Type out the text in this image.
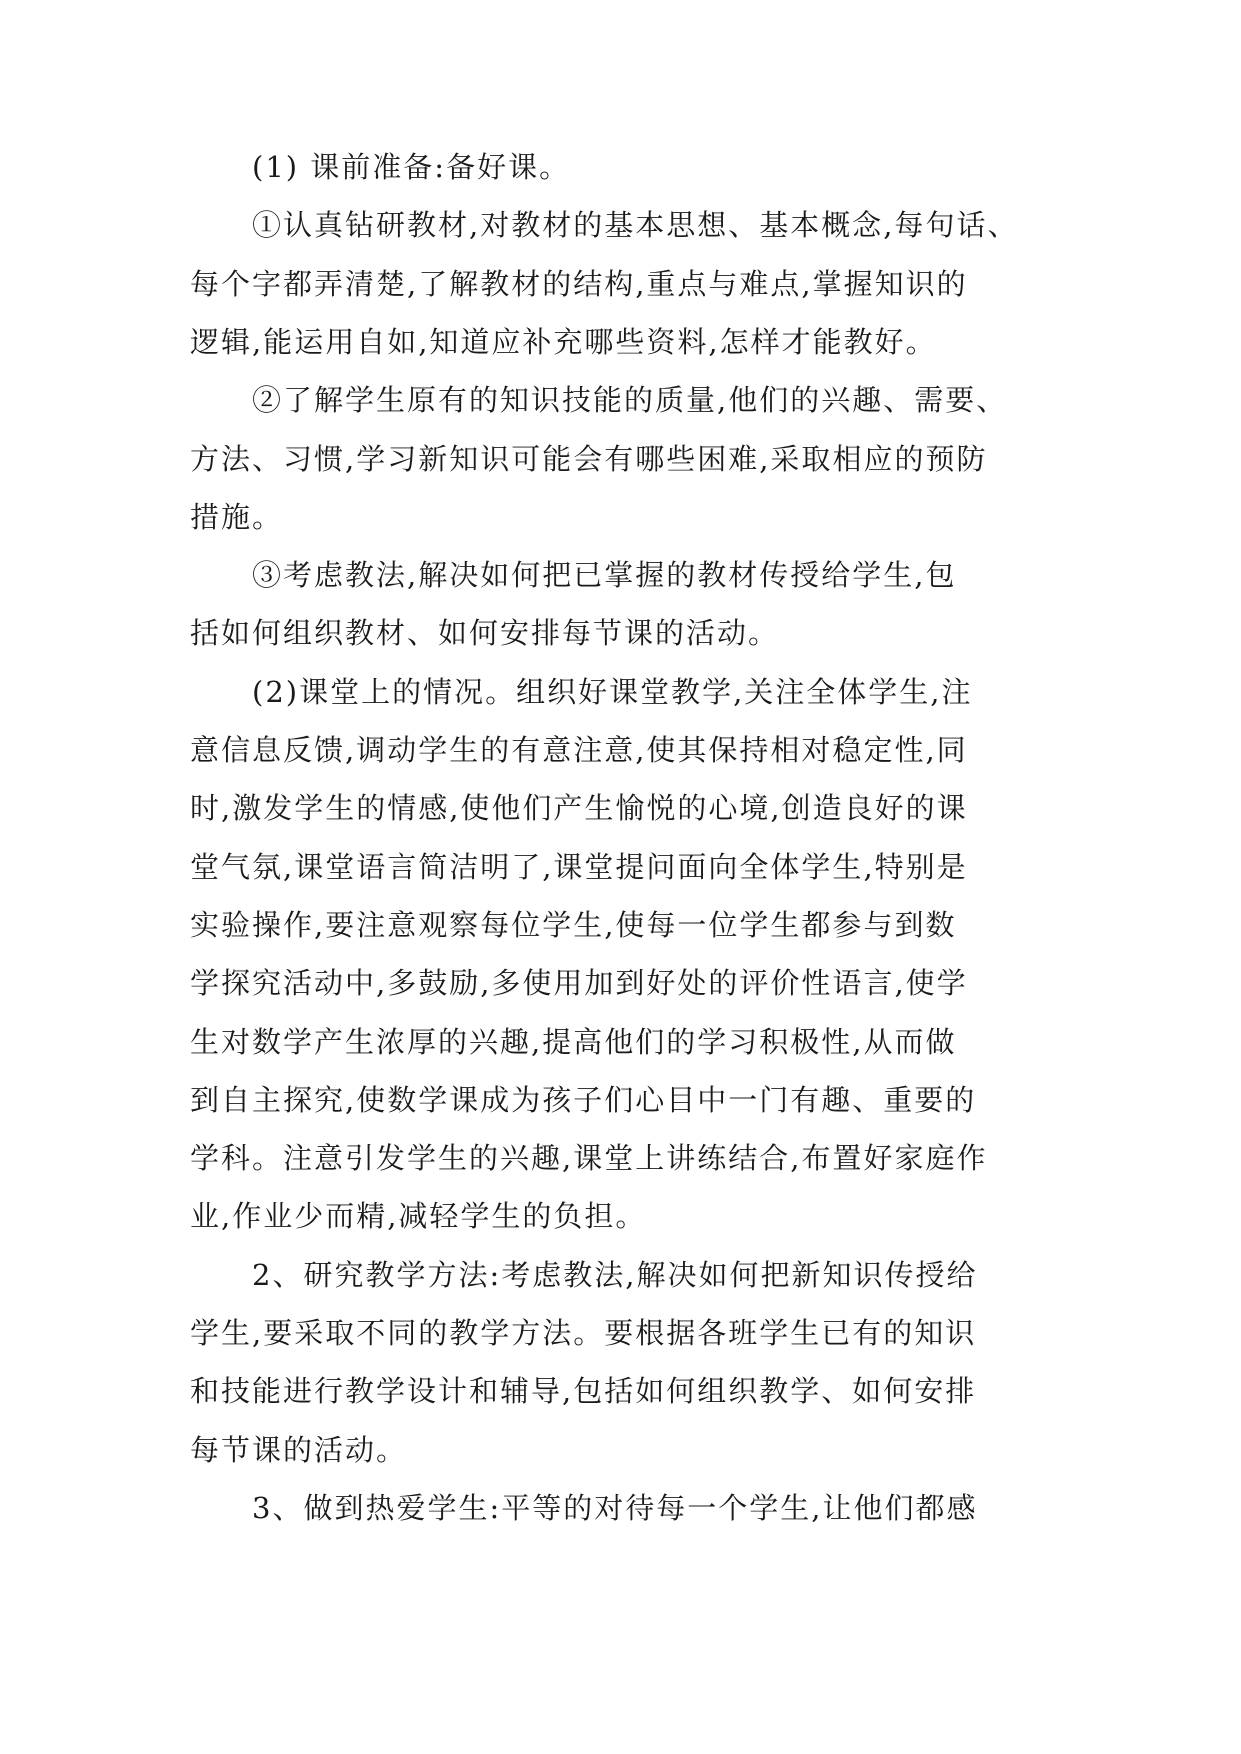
(1) 课前准备:备好课。
①认真钻研教材,对教材的基本思想、基本概念,每句话、
每个字都弄清楚,了解教材的结构,重点与难点,掌握知识的
逻辑,能运用自如,知道应补充哪些资料,怎样才能教好。
②了解学生原有的知识技能的质量,他们的兴趣、需要、
方法、习惯,学习新知识可能会有哪些困难,采取相应的预防
措施。
③考虑教法,解决如何把已掌握的教材传授给学生,包
括如何组织教材、如何安排每节课的活动。
(2)课堂上的情况。组织好课堂教学,关注全体学生,注
意信息反馈,调动学生的有意注意,使其保持相对稳定性,同
时,激发学生的情感,使他们产生愉悦的心境,创造良好的课
堂气氛,课堂语言简洁明了,课堂提问面向全体学生,特别是
实验操作,要注意观察每位学生,使每一位学生都参与到数
学探究活动中,多鼓励,多使用加到好处的评价性语言,使学
生对数学产生浓厚的兴趣,提高他们的学习积极性,从而做
到自主探究,使数学课成为孩子们心目中一门有趣、重要的
学科。注意引发学生的兴趣,课堂上讲练结合,布置好家庭作
业,作业少而精,减轻学生的负担。
2、研究教学方法:考虑教法,解决如何把新知识传授给
学生,要采取不同的教学方法。要根据各班学生已有的知识
和技能进行教学设计和辅导,包括如何组织教学、如何安排
每节课的活动。
3、做到热爱学生:平等的对待每一个学生,让他们都感
